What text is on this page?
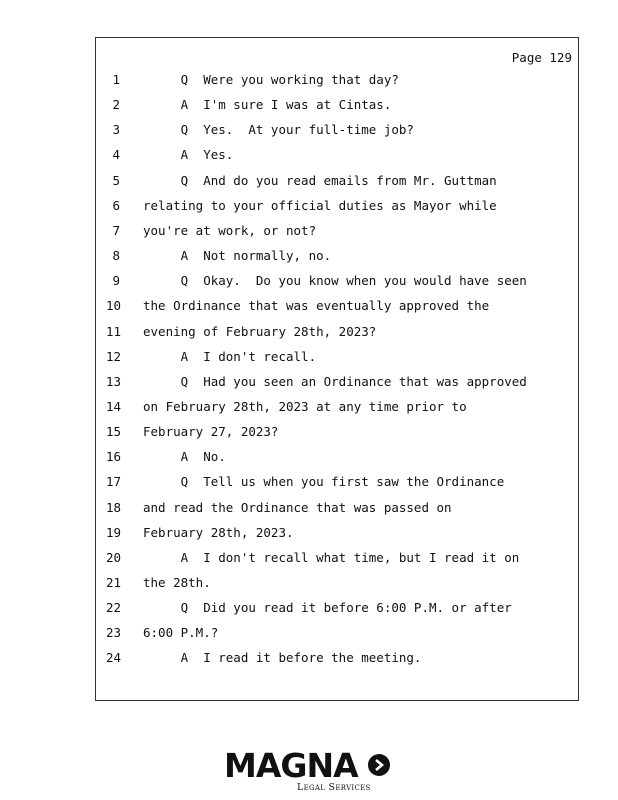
Page 129
1 Q  Were you working that day?
2 A  I'm sure I was at Cintas.
3 Q  Yes.  At your full-time job?
4 A  Yes.
5 Q  And do you read emails from Mr. Guttman
6 relating to your official duties as Mayor while
7 you're at work, or not?
8 A  Not normally, no.
9 Q  Okay.  Do you know when you would have seen
10 the Ordinance that was eventually approved the
11 evening of February 28th, 2023?
12 A  I don't recall.
13 Q  Had you seen an Ordinance that was approved
14 on February 28th, 2023 at any time prior to
15 February 27, 2023?
16 A  No.
17 Q  Tell us when you first saw the Ordinance
18 and read the Ordinance that was passed on
19 February 28th, 2023.
20 A  I don't recall what time, but I read it on
21 the 28th.
22 Q  Did you read it before 6:00 P.M. or after
23 6:00 P.M.?
24 A  I read it before the meeting.
MAGNA
Legal Services
